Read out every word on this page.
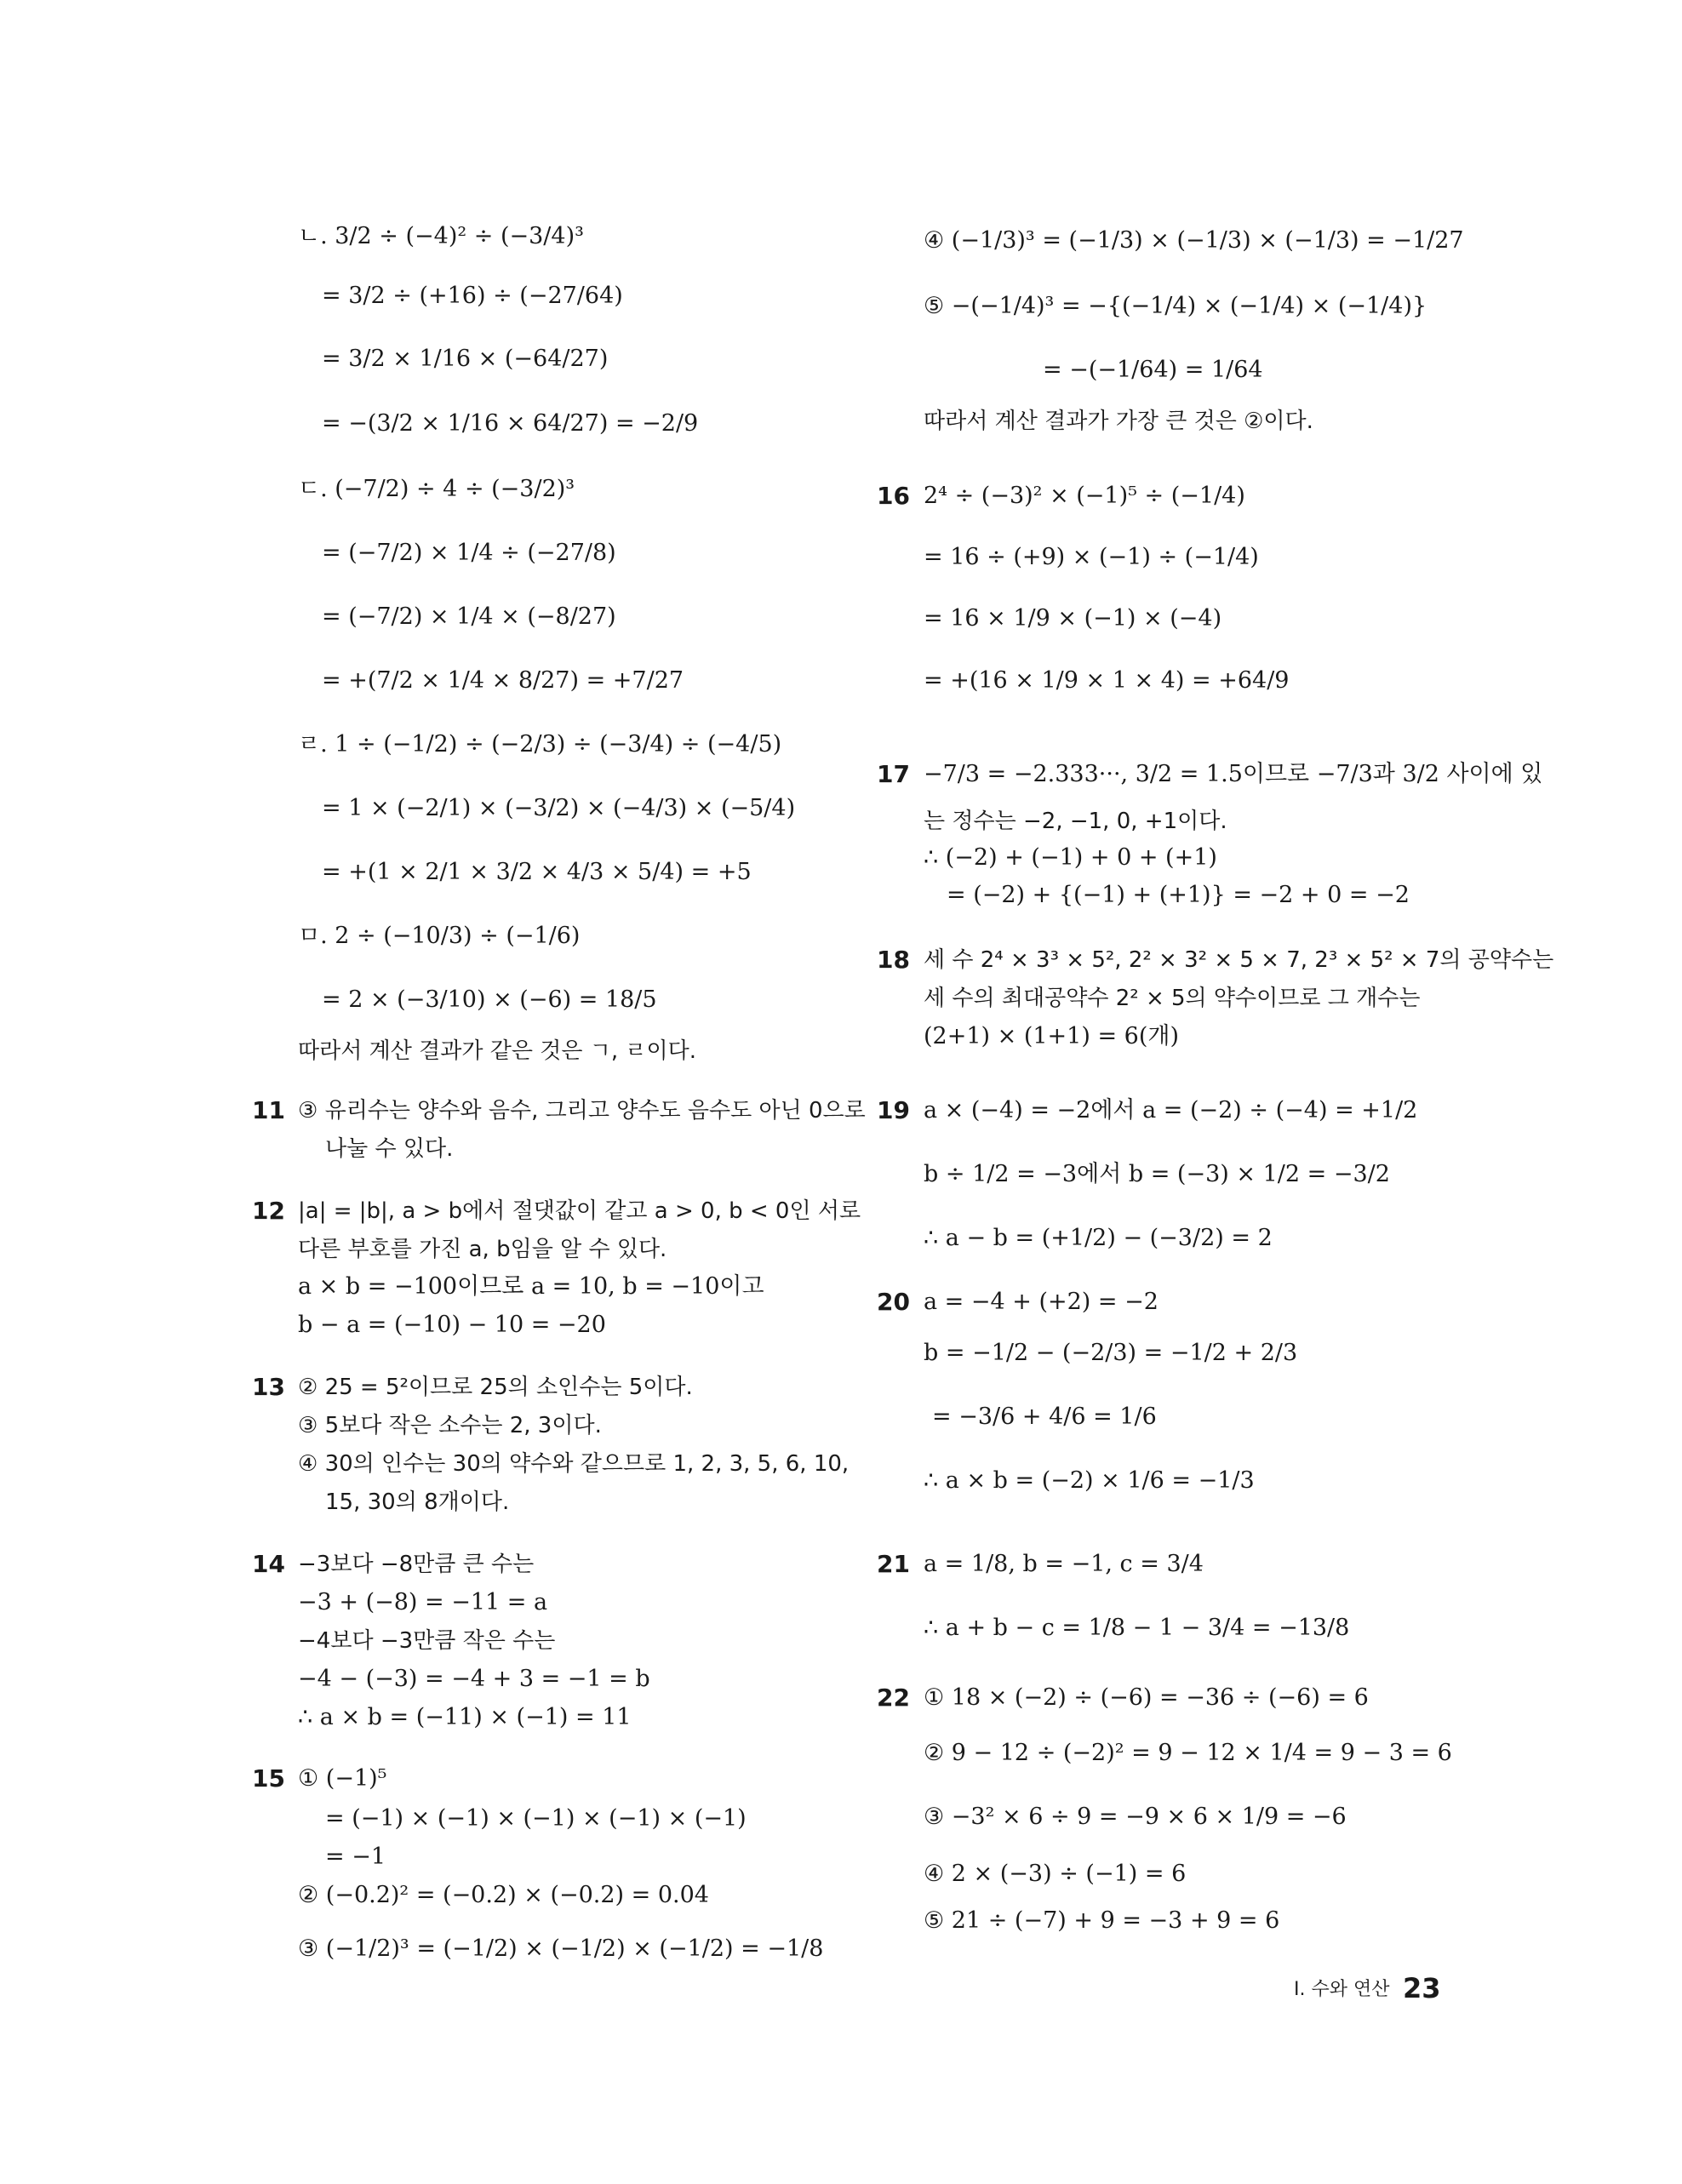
ㄴ. 3/2 ÷ (−4)² ÷ (−3/4)³
= 3/2 ÷ (+16) ÷ (−27/64)
= 3/2 × 1/16 × (−64/27)
= −(3/2 × 1/16 × 64/27) = −2/9
ㄷ. (−7/2) ÷ 4 ÷ (−3/2)³
= (−7/2) × 1/4 ÷ (−27/8)
= (−7/2) × 1/4 × (−8/27)
= +(7/2 × 1/4 × 8/27) = +7/27
ㄹ. 1 ÷ (−1/2) ÷ (−2/3) ÷ (−3/4) ÷ (−4/5)
= 1 × (−2/1) × (−3/2) × (−4/3) × (−5/4)
= +(1 × 2/1 × 3/2 × 4/3 × 5/4) = +5
ㅁ. 2 ÷ (−10/3) ÷ (−1/6)
= 2 × (−3/10) × (−6) = 18/5
따라서 계산 결과가 같은 것은 ㄱ, ㄹ이다.
11 ③ 유리수는 양수와 음수, 그리고 양수도 음수도 아닌 0으로
나눌 수 있다.
12 |a| = |b|, a > b에서 절댓값이 같고 a > 0, b < 0인 서로
다른 부호를 가진 a, b임을 알 수 있다.
a × b = −100이므로 a = 10, b = −10이고
b − a = (−10) − 10 = −20
13 ② 25 = 5²이므로 25의 소인수는 5이다.
③ 5보다 작은 소수는 2, 3이다.
④ 30의 인수는 30의 약수와 같으므로 1, 2, 3, 5, 6, 10,
15, 30의 8개이다.
14 −3보다 −8만큼 큰 수는
−3 + (−8) = −11 = a
−4보다 −3만큼 작은 수는
−4 − (−3) = −4 + 3 = −1 = b
∴ a × b = (−11) × (−1) = 11
15 ① (−1)⁵
= (−1) × (−1) × (−1) × (−1) × (−1)
= −1
② (−0.2)² = (−0.2) × (−0.2) = 0.04
③ (−1/2)³ = (−1/2) × (−1/2) × (−1/2) = −1/8
④ (−1/3)³ = (−1/3) × (−1/3) × (−1/3) = −1/27
⑤ −(−1/4)³ = −{(−1/4) × (−1/4) × (−1/4)}
= −(−1/64) = 1/64
따라서 계산 결과가 가장 큰 것은 ②이다.
16 2⁴ ÷ (−3)² × (−1)⁵ ÷ (−1/4)
= 16 ÷ (+9) × (−1) ÷ (−1/4)
= 16 × 1/9 × (−1) × (−4)
= +(16 × 1/9 × 1 × 4) = +64/9
17 −7/3 = −2.333···, 3/2 = 1.5이므로 −7/3과 3/2 사이에 있
는 정수는 −2, −1, 0, +1이다.
∴ (−2) + (−1) + 0 + (+1)
= (−2) + {(−1) + (+1)} = −2 + 0 = −2
18 세 수 2⁴ × 3³ × 5², 2² × 3² × 5 × 7, 2³ × 5² × 7의 공약수는
세 수의 최대공약수 2² × 5의 약수이므로 그 개수는
(2+1) × (1+1) = 6(개)
19 a × (−4) = −2에서 a = (−2) ÷ (−4) = +1/2
b ÷ 1/2 = −3에서 b = (−3) × 1/2 = −3/2
∴ a − b = (+1/2) − (−3/2) = 2
20 a = −4 + (+2) = −2
b = −1/2 − (−2/3) = −1/2 + 2/3
= −3/6 + 4/6 = 1/6
∴ a × b = (−2) × 1/6 = −1/3
21 a = 1/8, b = −1, c = 3/4
∴ a + b − c = 1/8 − 1 − 3/4 = −13/8
22 ① 18 × (−2) ÷ (−6) = −36 ÷ (−6) = 6
② 9 − 12 ÷ (−2)² = 9 − 12 × 1/4 = 9 − 3 = 6
③ −3² × 6 ÷ 9 = −9 × 6 × 1/9 = −6
④ 2 × (−3) ÷ (−1) = 6
⑤ 21 ÷ (−7) + 9 = −3 + 9 = 6
I. 수와 연산 23
